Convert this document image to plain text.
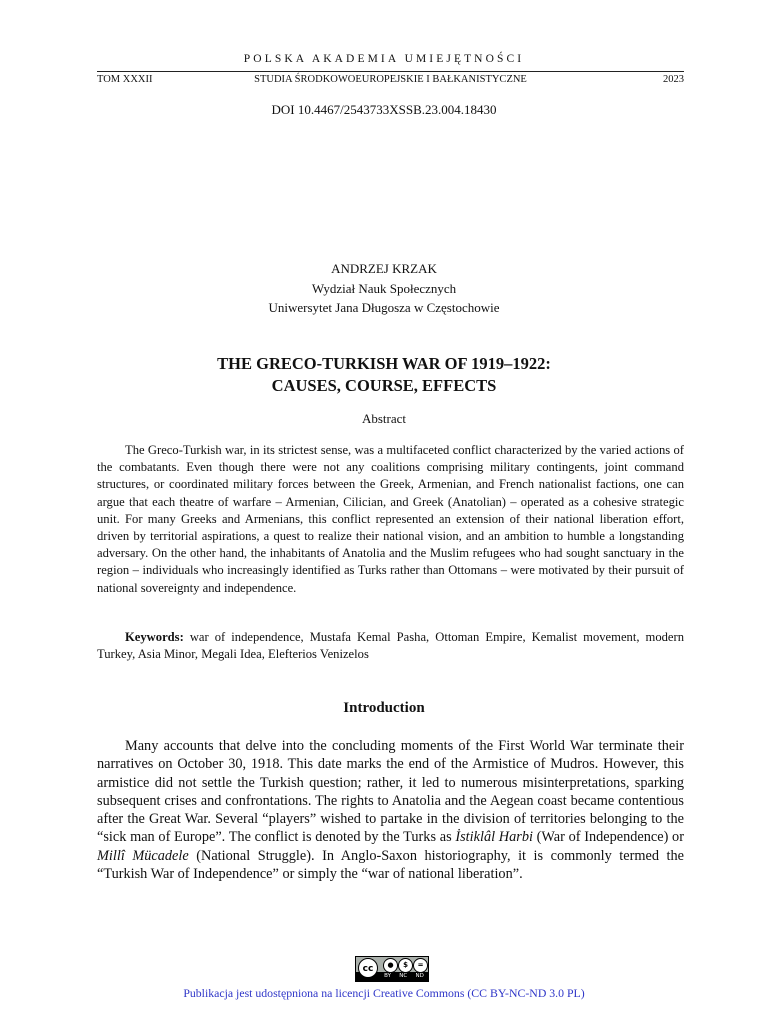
POLSKA AKADEMIA UMIEJĘTNOŚCI
TOM XXXII	STUDIA ŚRODKOWOEUROPEJSKIE I BAŁKANISTYCZNE	2023
DOI 10.4467/2543733XSSB.23.004.18430
ANDRZEJ KRZAK
Wydział Nauk Społecznych
Uniwersytet Jana Długosza w Częstochowie
THE GRECO-TURKISH WAR OF 1919–1922:
CAUSES, COURSE, EFFECTS
Abstract

The Greco-Turkish war, in its strictest sense, was a multifaceted conflict characterized by the varied actions of the combatants. Even though there were not any coalitions comprising military contingents, joint command structures, or coordinated military forces between the Greek, Armenian, and French nationalist factions, one can argue that each theatre of warfare – Armenian, Cilician, and Greek (Anatolian) – operated as a cohesive strategic unit. For many Greeks and Armenians, this conflict represented an extension of their national liberation effort, driven by territorial aspirations, a quest to realize their national vision, and an ambition to humble a longstanding adversary. On the other hand, the inhabitants of Anatolia and the Muslim refugees who had sought sanctuary in the region – individuals who increasingly identified as Turks rather than Ottomans – were motivated by their pursuit of national sovereignty and independence.

Keywords: war of independence, Mustafa Kemal Pasha, Ottoman Empire, Kemalist movement, modern Turkey, Asia Minor, Megali Idea, Elefterios Venizelos

Introduction

Many accounts that delve into the concluding moments of the First World War terminate their narratives on October 30, 1918. This date marks the end of the Armistice of Mudros. However, this armistice did not settle the Turkish question; rather, it led to numerous misinterpretations, sparking subsequent crises and confrontations. The rights to Anatolia and the Aegean coast became contentious after the Great War. Several “players” wished to partake in the division of territories belonging to the “sick man of Europe”. The conflict is denoted by the Turks as İstiklâl Harbi (War of Independence) or Millî Mücadele (National Struggle). In Anglo-Saxon historiography, it is commonly termed the “Turkish War of Independence” or simply the “war of national liberation”.

cc	●	$	=
BY NC ND
Publikacja jest udostępniona na licencji Creative Commons (CC BY-NC-ND 3.0 PL)
